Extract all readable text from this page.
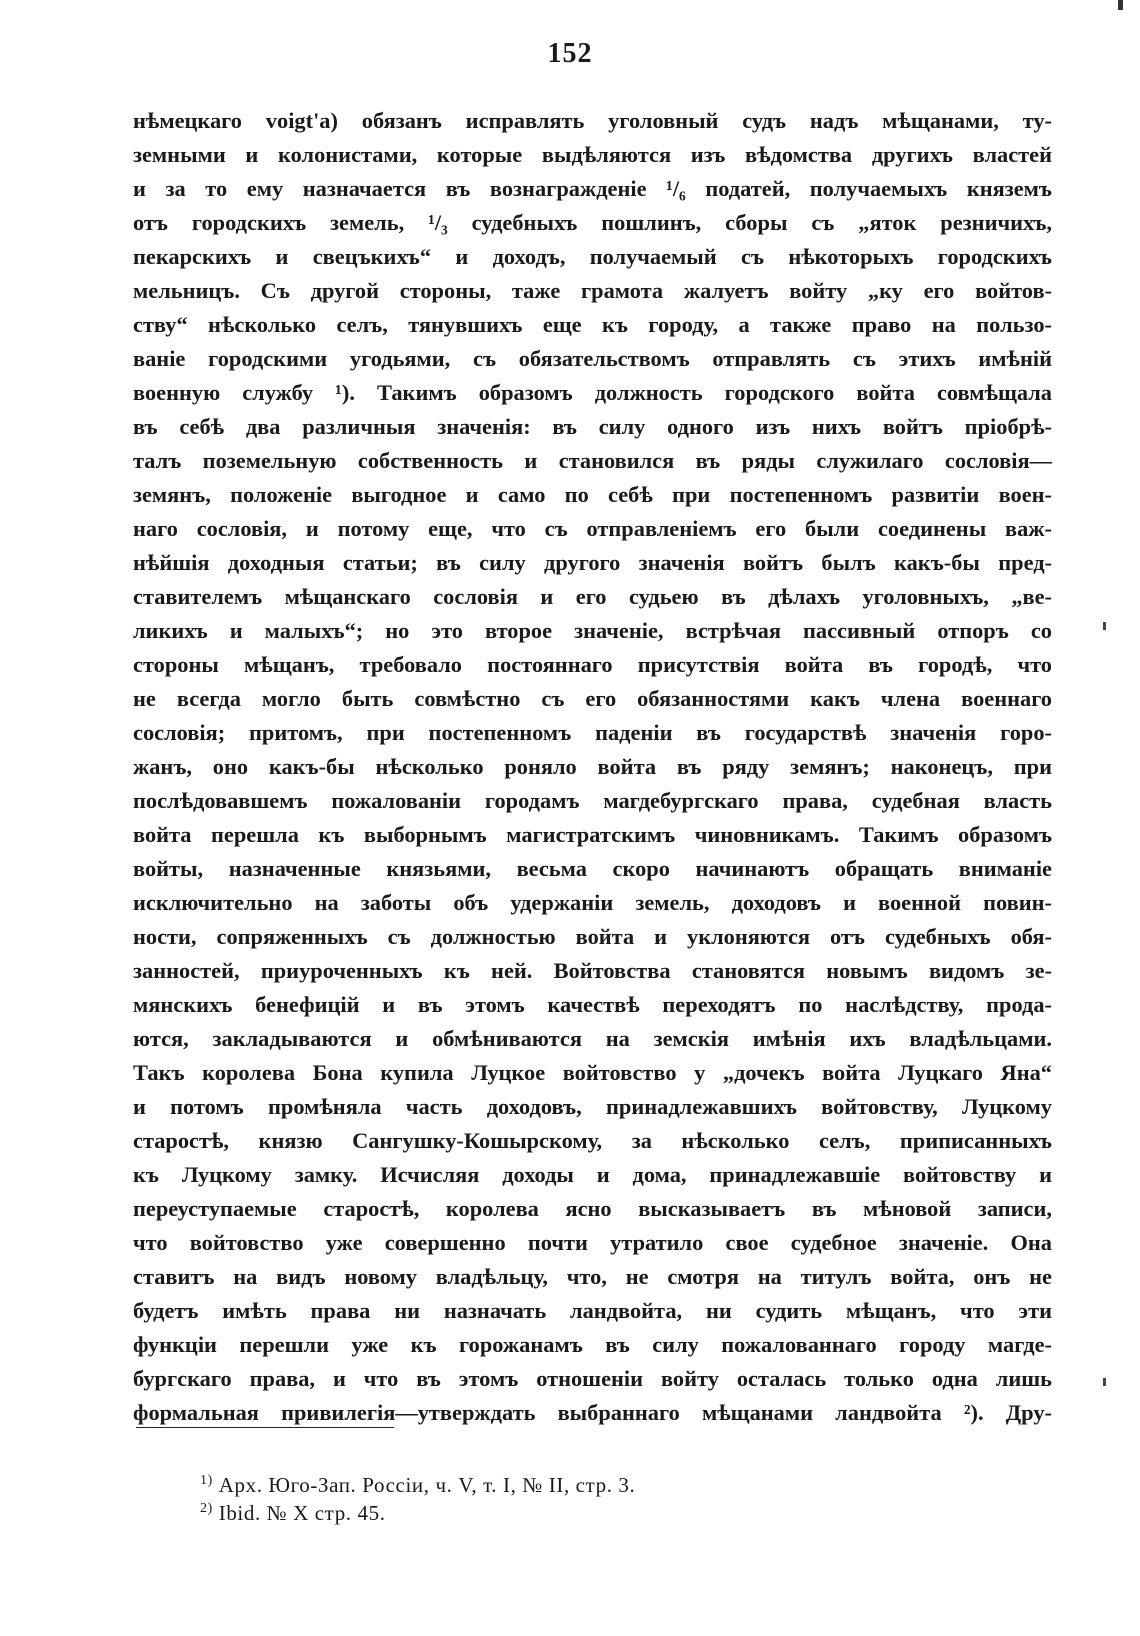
152
нѣмецкаго voigt'a) обязанъ исправлять уголовный судъ надъ мѣщанами, ту-
земными и колонистами, которые выдѣляются изъ вѣдомства другихъ властей
и за то ему назначается въ вознагражденіе ¹/₆ податей, получаемыхъ княземъ
отъ городскихъ земель, ¹/₃ судебныхъ пошлинъ, сборы съ „яток резничихъ,
пекарскихъ и свецъкихъ“ и доходъ, получаемый съ нѣкоторыхъ городскихъ
мельницъ. Съ другой стороны, таже грамота жалуетъ войту „ку его войтов-
ству“ нѣсколько селъ, тянувшихъ еще къ городу, а также право на пользо-
ваніе городскими угодьями, съ обязательствомъ отправлять съ этихъ имѣній
военную службу ¹). Такимъ образомъ должность городского войта совмѣщала
въ себѣ два различныя значенія: въ силу одного изъ нихъ войтъ пріобрѣ-
талъ поземельную собственность и становился въ ряды служилаго сословія—
земянъ, положеніе выгодное и само по себѣ при постепенномъ развитіи воен-
наго сословія, и потому еще, что съ отправленіемъ его были соединены важ-
нѣйшія доходныя статьи; въ силу другого значенія войтъ былъ какъ-бы пред-
ставителемъ мѣщанскаго сословія и его судьею въ дѣлахъ уголовныхъ, „ве-
ликихъ и малыхъ“; но это второе значеніе, встрѣчая пассивный отпоръ со
стороны мѣщанъ, требовало постояннаго присутствія войта въ городѣ, что
не всегда могло быть совмѣстно съ его обязанностями какъ члена военнаго
сословія; притомъ, при постепенномъ паденіи въ государствѣ значенія горо-
жанъ, оно какъ-бы нѣсколько роняло войта въ ряду земянъ; наконецъ, при
послѣдовавшемъ пожалованіи городамъ магдебургскаго права, судебная власть
войта перешла къ выборнымъ магистратскимъ чиновникамъ. Такимъ образомъ
войты, назначенные князьями, весьма скоро начинаютъ обращать вниманіе
исключительно на заботы объ удержаніи земель, доходовъ и военной повин-
ности, сопряженныхъ съ должностью войта и уклоняются отъ судебныхъ обя-
занностей, приуроченныхъ къ ней. Войтовства становятся новымъ видомъ зе-
мянскихъ бенефицій и въ этомъ качествѣ переходятъ по наслѣдству, прода-
ются, закладываются и обмѣниваются на земскія имѣнія ихъ владѣльцами.
Такъ королева Бона купила Луцкое войтовство у „дочекъ войта Луцкаго Яна“
и потомъ промѣняла часть доходовъ, принадлежавшихъ войтовству, Луцкому
старостѣ, князю Сангушку-Кошырскому, за нѣсколько селъ, приписанныхъ
къ Луцкому замку. Исчисляя доходы и дома, принадлежавшіе войтовству и
переуступаемые старостѣ, королева ясно высказываетъ въ мѣновой записи,
что войтовство уже совершенно почти утратило свое судебное значеніе. Она
ставитъ на видъ новому владѣльцу, что, не смотря на титулъ войта, онъ не
будетъ имѣть права ни назначать ландвойта, ни судить мѣщанъ, что эти
функціи перешли уже къ горожанамъ въ силу пожалованнаго городу магде-
бургскаго права, и что въ этомъ отношеніи войту осталась только одна лишь
формальная привилегія—утверждать выбраннаго мѣщанами ландвойта ²). Дру-
$^{1)}$ Арх. Юго-Зап. Россіи, ч. V, т. I, № II, стр. 3.
$^{2)}$ Ibid. № X стр. 45.
